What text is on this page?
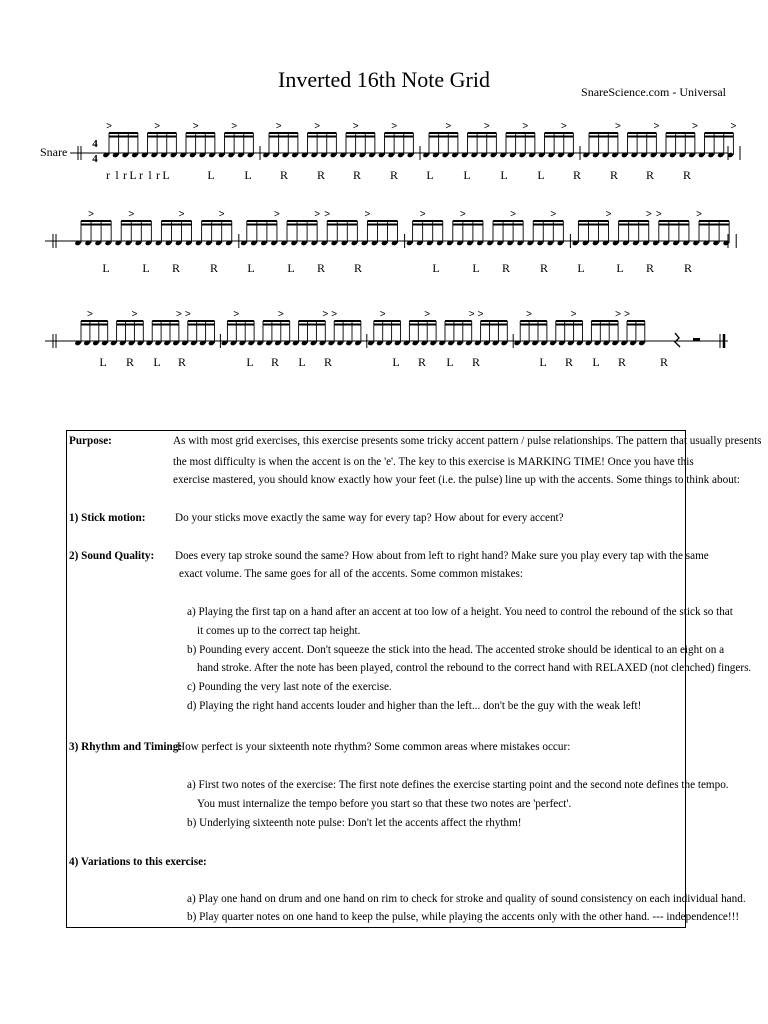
Inverted 16th Note Grid	SnareScience.com - Universal
Snare
4
4
>	>	>	>	>	>	>	>	>	>	>	>	>	>	>	>
>	>	>	>	>	> >	>	>	>	>	>	>	> >	>
>	>	> >	>	>	> >	>	>	> >	>	>	> >
r l r L r l r L	L L R R R R L L L L R R R R
L	L R R L	L R R	L	L R R L	L R R
L R L R	L R L R	L R L R	L R L R	R
Purpose:	As with most grid exercises, this exercise presents some tricky accent pattern / pulse relationships. The pattern that usually presents
the most difficulty is when the accent is on the 'e'. The key to this exercise is MARKING TIME! Once you have this
exercise mastered, you should know exactly how your feet (i.e. the pulse) line up with the accents. Some things to think about:
1) Stick motion:	Do your sticks move exactly the same way for every tap? How about for every accent?
2) Sound Quality: Does every tap stroke sound the same? How about from left to right hand? Make sure you play every tap with the same
exact volume. The same goes for all of the accents. Some common mistakes:
a) Playing the first tap on a hand after an accent at too low of a height. You need to control the rebound of the stick so that
it comes up to the correct tap height.
b) Pounding every accent. Don't squeeze the stick into the head. The accented stroke should be identical to an eight on a
hand stroke. After the note has been played, control the rebound to the correct hand with RELAXED (not clenched) fingers.
c) Pounding the very last note of the exercise.
d) Playing the right hand accents louder and higher than the left... don't be the guy with the weak left!
3) Rhythm and Timing:
How perfect is your sixteenth note rhythm? Some common areas where mistakes occur:
a) First two notes of the exercise: The first note defines the exercise starting point and the second note defines the tempo.
You must internalize the tempo before you start so that these two notes are 'perfect'.
b) Underlying sixteenth note pulse: Don't let the accents affect the rhythm!
4) Variations to this exercise:
a) Play one hand on drum and one hand on rim to check for stroke and quality of sound consistency on each individual hand.
b) Play quarter notes on one hand to keep the pulse, while playing the accents only with the other hand. --- independence!!!
